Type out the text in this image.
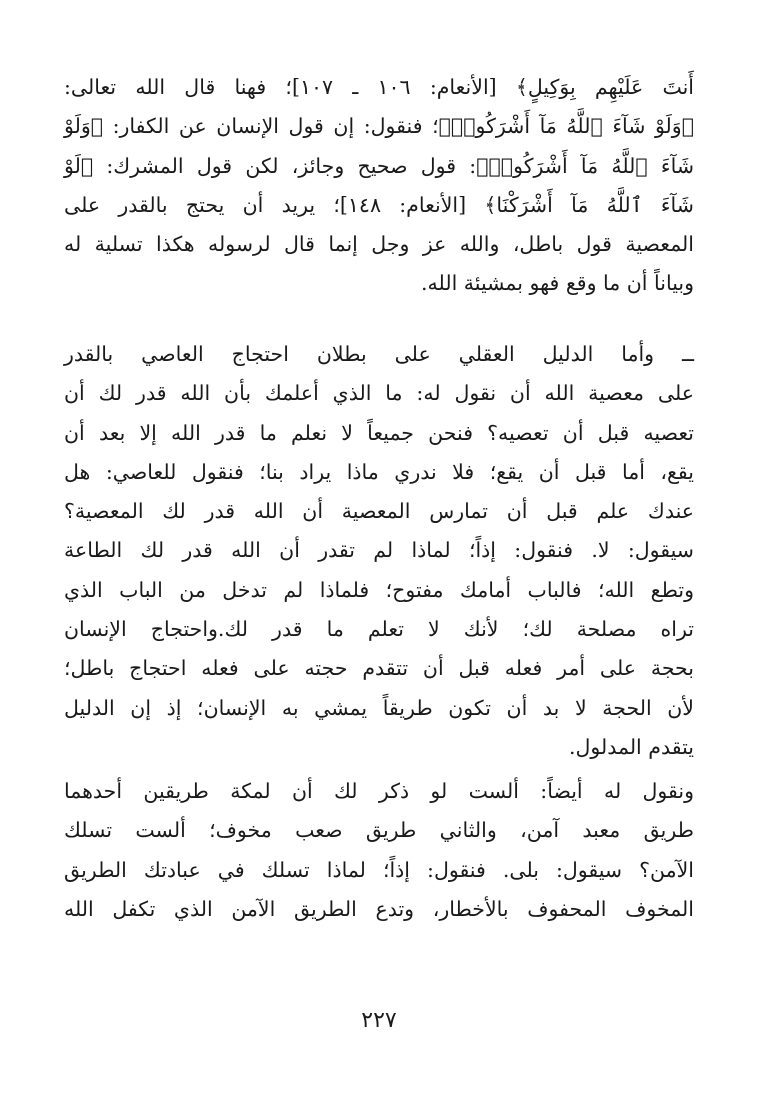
أَنتَ عَلَيْهِم بِوَكِيلٍ﴾ [الأنعام: ١٠٦ ـ ١٠٧]؛ فهنا قال الله تعالى:
﴿وَلَوْ شَآءَ ٱللَّهُ مَآ أَشْرَكُوا۟﴾؛ فنقول: إن قول الإنسان عن الكفار: ﴿وَلَوْ
شَآءَ ٱللَّهُ مَآ أَشْرَكُوا۟﴾: قول صحيح وجائز، لكن قول المشرك: ﴿لَوْ
شَآءَ ٱللَّهُ مَآ أَشْرَكْنَا﴾ [الأنعام: ١٤٨]؛ يريد أن يحتج بالقدر على
المعصية قول باطل، والله عز وجل إنما قال لرسوله هكذا تسلية له
وبياناً أن ما وقع فهو بمشيئة الله.
ــ وأما الدليل العقلي على بطلان احتجاج العاصي بالقدر
على معصية الله أن نقول له: ما الذي أعلمك بأن الله قدر لك أن
تعصيه قبل أن تعصيه؟ فنحن جميعاً لا نعلم ما قدر الله إلا بعد أن
يقع، أما قبل أن يقع؛ فلا ندري ماذا يراد بنا؛ فنقول للعاصي: هل
عندك علم قبل أن تمارس المعصية أن الله قدر لك المعصية؟
سيقول: لا. فنقول: إذاً؛ لماذا لم تقدر أن الله قدر لك الطاعة
وتطع الله؛ فالباب أمامك مفتوح؛ فلماذا لم تدخل من الباب الذي
تراه مصلحة لك؛ لأنك لا تعلم ما قدر لك.واحتجاج الإنسان
بحجة على أمر فعله قبل أن تتقدم حجته على فعله احتجاج باطل؛
لأن الحجة لا بد أن تكون طريقاً يمشي به الإنسان؛ إذ إن الدليل
يتقدم المدلول.
ونقول له أيضاً: ألست لو ذكر لك أن لمكة طريقين أحدهما
طريق معبد آمن، والثاني طريق صعب مخوف؛ ألست تسلك
الآمن؟ سيقول: بلى. فنقول: إذاً؛ لماذا تسلك في عبادتك الطريق
المخوف المحفوف بالأخطار، وتدع الطريق الآمن الذي تكفل الله
٢٢٧
